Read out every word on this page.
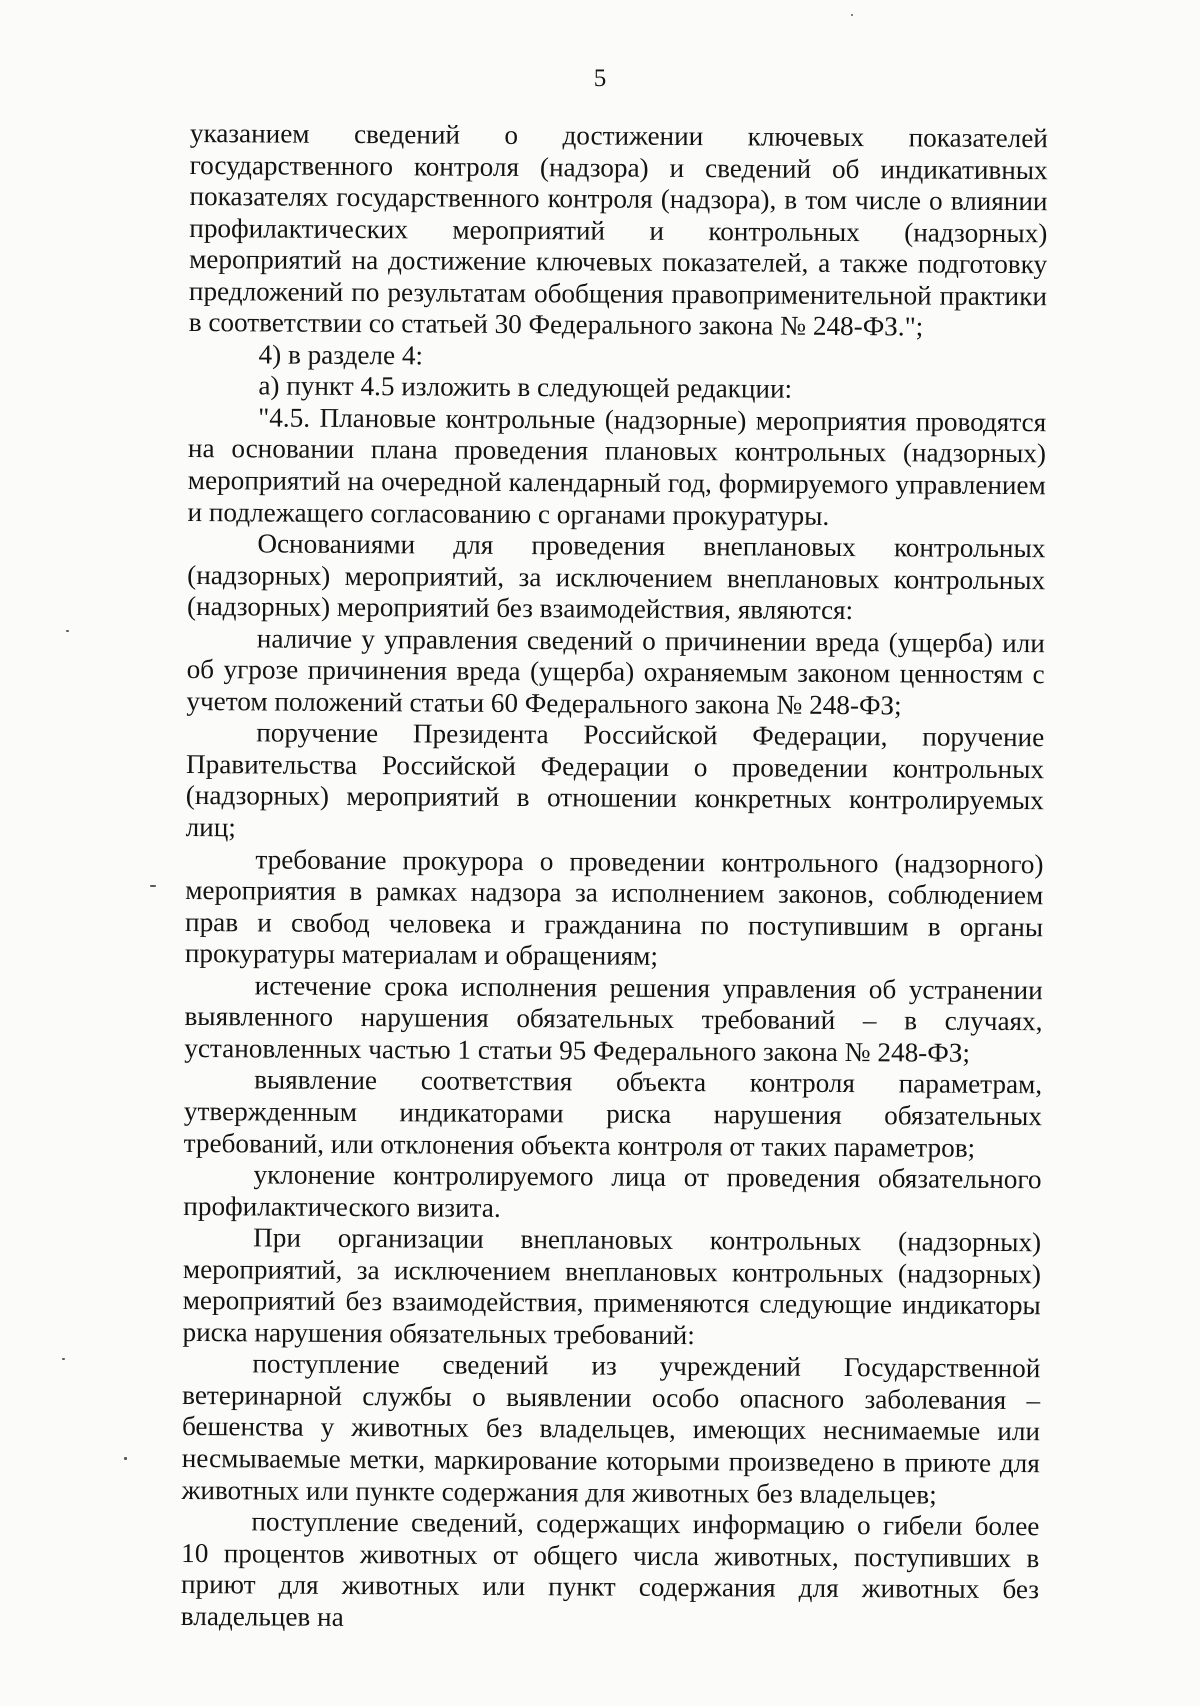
5

указанием сведений о достижении ключевых показателей государственного контроля (надзора) и сведений об индикативных показателях государственного контроля (надзора), в том числе о влиянии профилактических мероприятий и контрольных (надзорных) мероприятий на достижение ключевых показателей, а также подготовку предложений по результатам обобщения правоприменительной практики в соответствии со статьей 30 Федерального закона № 248-ФЗ.";

4) в разделе 4:

а) пункт 4.5 изложить в следующей редакции:

"4.5. Плановые контрольные (надзорные) мероприятия проводятся на основании плана проведения плановых контрольных (надзорных) мероприятий на очередной календарный год, формируемого управлением и подлежащего согласованию с органами прокуратуры.

Основаниями для проведения внеплановых контрольных (надзорных) мероприятий, за исключением внеплановых контрольных (надзорных) мероприятий без взаимодействия, являются:

наличие у управления сведений о причинении вреда (ущерба) или об угрозе причинения вреда (ущерба) охраняемым законом ценностям с учетом положений статьи 60 Федерального закона № 248-ФЗ;

поручение Президента Российской Федерации, поручение Правительства Российской Федерации о проведении контрольных (надзорных) мероприятий в отношении конкретных контролируемых лиц;

требование прокурора о проведении контрольного (надзорного) мероприятия в рамках надзора за исполнением законов, соблюдением прав и свобод человека и гражданина по поступившим в органы прокуратуры материалам и обращениям;

истечение срока исполнения решения управления об устранении выявленного нарушения обязательных требований – в случаях, установленных частью 1 статьи 95 Федерального закона № 248-ФЗ;

выявление соответствия объекта контроля параметрам, утвержденным индикаторами риска нарушения обязательных требований, или отклонения объекта контроля от таких параметров;

уклонение контролируемого лица от проведения обязательного профилактического визита.

При организации внеплановых контрольных (надзорных) мероприятий, за исключением внеплановых контрольных (надзорных) мероприятий без взаимодействия, применяются следующие индикаторы риска нарушения обязательных требований:

поступление сведений из учреждений Государственной ветеринарной службы о выявлении особо опасного заболевания – бешенства у животных без владельцев, имеющих неснимаемые или несмываемые метки, маркирование которыми произведено в приюте для животных или пункте содержания для животных без владельцев;

поступление сведений, содержащих информацию о гибели более 10 процентов животных от общего числа животных, поступивших в приют для животных или пункт содержания для животных без владельцев на
